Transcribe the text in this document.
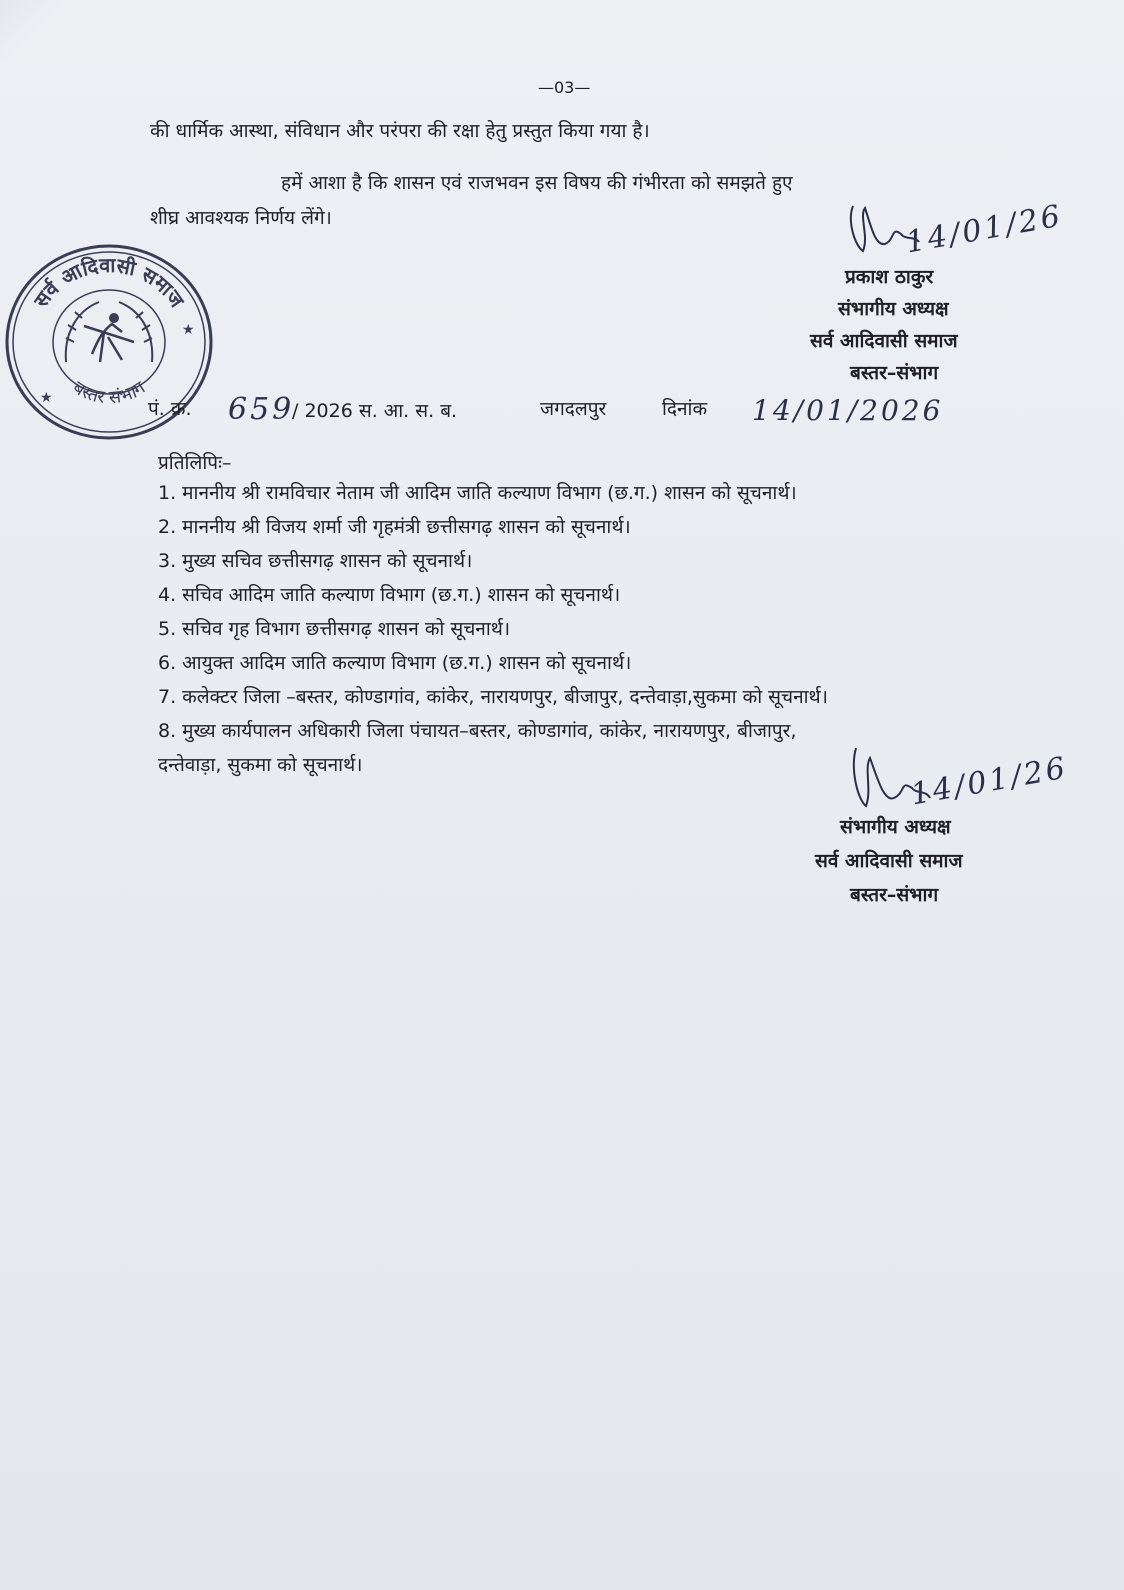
—03—
की धार्मिक आस्था, संविधान और परंपरा की रक्षा हेतु प्रस्तुत किया गया है।
हमें आशा है कि शासन एवं राजभवन इस विषय की गंभीरता को समझते हुए
शीघ्र आवश्यक निर्णय लेंगे।	14/01/26
प्रकाश ठाकुर
संभागीय अध्यक्ष
सर्व आदिवासी समाज
बस्तर–संभाग
सर्व आदिवासी समाज
बस्तर संभाग
★
★	पं. क्र. 659
/ 2026 स. आ. स. ब.	जगदलपुर	दिनांक 14/01/2026
प्रतिलिपिः–
1. माननीय श्री रामविचार नेताम जी आदिम जाति कल्याण विभाग (छ.ग.) शासन को सूचनार्थ।
2. माननीय श्री विजय शर्मा जी गृहमंत्री छत्तीसगढ़ शासन को सूचनार्थ।
3. मुख्य सचिव छत्तीसगढ़ शासन को सूचनार्थ।
4. सचिव आदिम जाति कल्याण विभाग (छ.ग.) शासन को सूचनार्थ।
5. सचिव गृह विभाग छत्तीसगढ़ शासन को सूचनार्थ।
6. आयुक्त आदिम जाति कल्याण विभाग (छ.ग.) शासन को सूचनार्थ।
7. कलेक्टर जिला –बस्तर, कोण्डागांव, कांकेर, नारायणपुर, बीजापुर, दन्तेवाड़ा,सुकमा को सूचनार्थ।
8. मुख्य कार्यपालन अधिकारी जिला पंचायत–बस्तर, कोण्डागांव, कांकेर, नारायणपुर, बीजापुर,
दन्तेवाड़ा, सुकमा को सूचनार्थ।	14/01/26
संभागीय अध्यक्ष
सर्व आदिवासी समाज
बस्तर–संभाग
